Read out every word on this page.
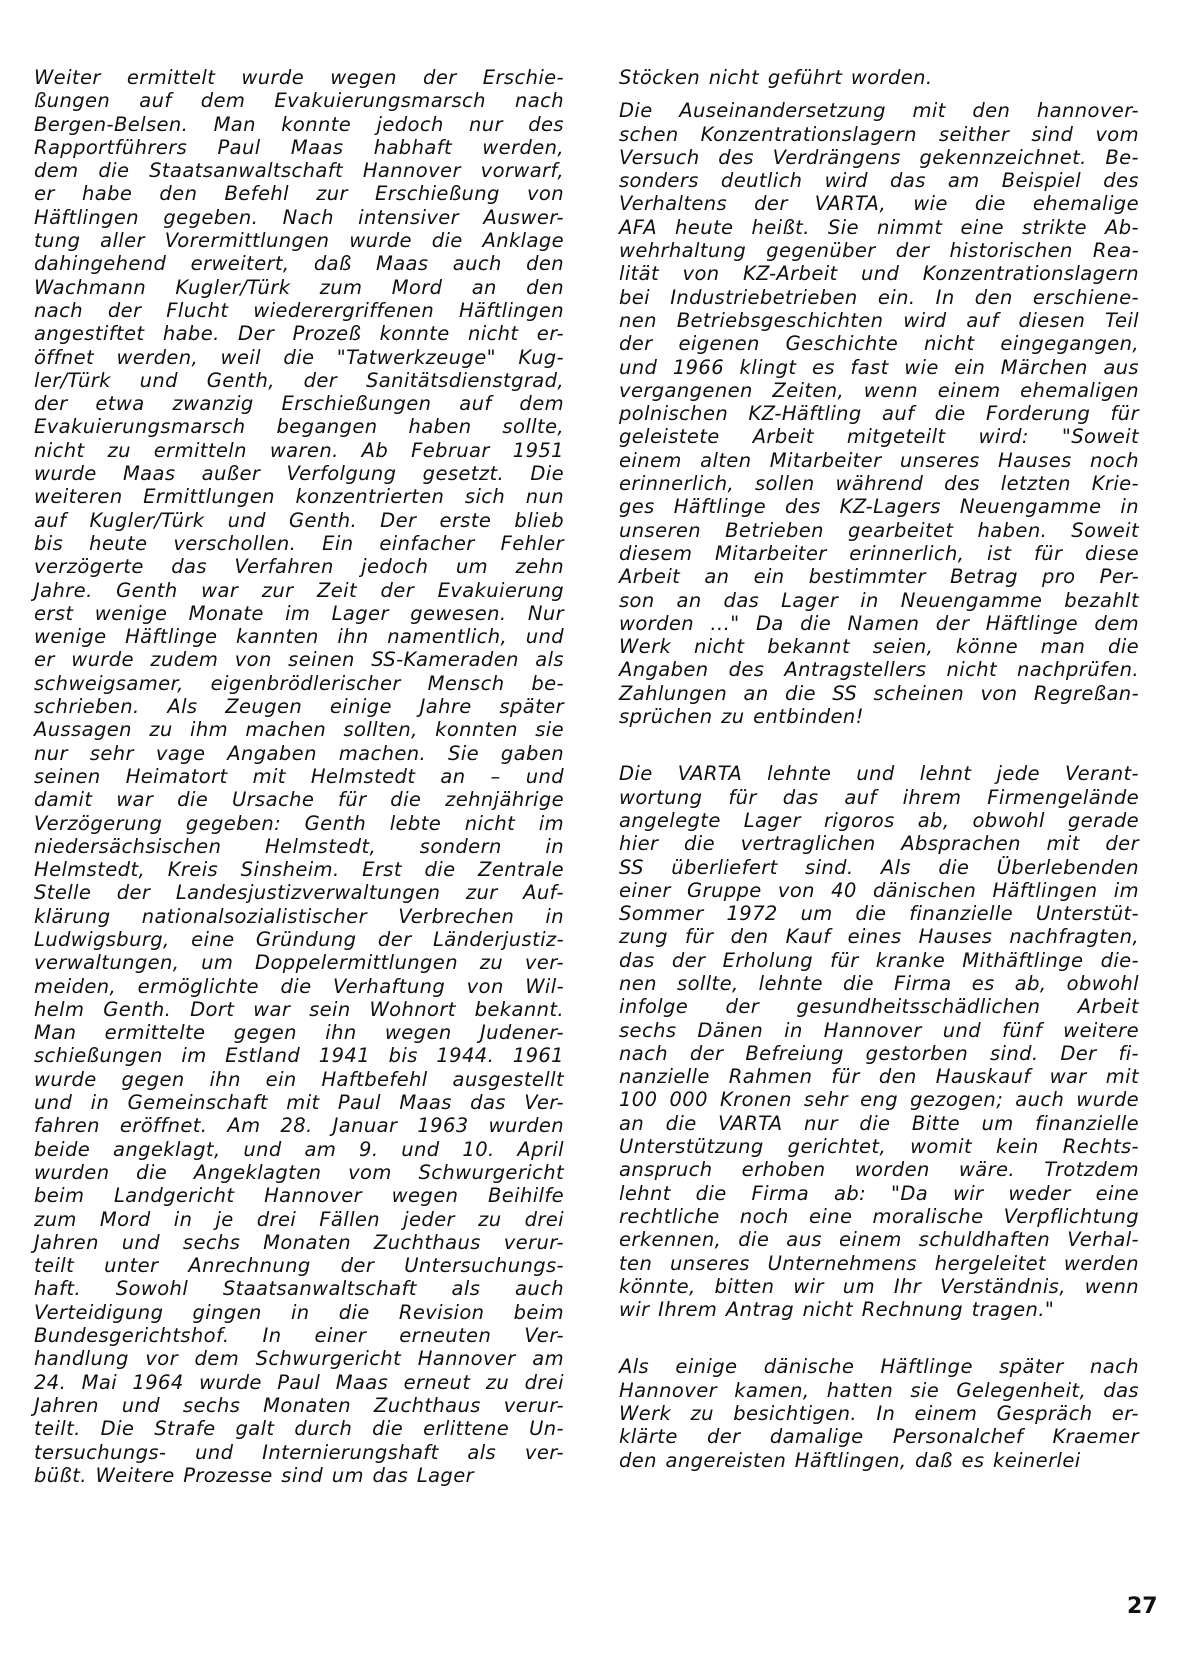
Weiter ermittelt wurde wegen der Erschie-
ßungen auf dem Evakuierungsmarsch nach
Bergen-Belsen. Man konnte jedoch nur des
Rapportführers Paul Maas habhaft werden,
dem die Staatsanwaltschaft Hannover vorwarf,
er habe den Befehl zur Erschießung von
Häftlingen gegeben. Nach intensiver Auswer-
tung aller Vorermittlungen wurde die Anklage
dahingehend erweitert, daß Maas auch den
Wachmann Kugler/Türk zum Mord an den
nach der Flucht wiederergriffenen Häftlingen
angestiftet habe. Der Prozeß konnte nicht er-
öffnet werden, weil die "Tatwerkzeuge" Kug-
ler/Türk und Genth, der Sanitätsdienstgrad,
der etwa zwanzig Erschießungen auf dem
Evakuierungsmarsch begangen haben sollte,
nicht zu ermitteln waren. Ab Februar 1951
wurde Maas außer Verfolgung gesetzt. Die
weiteren Ermittlungen konzentrierten sich nun
auf Kugler/Türk und Genth. Der erste blieb
bis heute verschollen. Ein einfacher Fehler
verzögerte das Verfahren jedoch um zehn
Jahre. Genth war zur Zeit der Evakuierung
erst wenige Monate im Lager gewesen. Nur
wenige Häftlinge kannten ihn namentlich, und
er wurde zudem von seinen SS-Kameraden als
schweigsamer, eigenbrödlerischer Mensch be-
schrieben. Als Zeugen einige Jahre später
Aussagen zu ihm machen sollten, konnten sie
nur sehr vage Angaben machen. Sie gaben
seinen Heimatort mit Helmstedt an – und
damit war die Ursache für die zehnjährige
Verzögerung gegeben: Genth lebte nicht im
niedersächsischen Helmstedt, sondern in
Helmstedt, Kreis Sinsheim. Erst die Zentrale
Stelle der Landesjustizverwaltungen zur Auf-
klärung nationalsozialistischer Verbrechen in
Ludwigsburg, eine Gründung der Länderjustiz-
verwaltungen, um Doppelermittlungen zu ver-
meiden, ermöglichte die Verhaftung von Wil-
helm Genth. Dort war sein Wohnort bekannt.
Man ermittelte gegen ihn wegen Judener-
schießungen im Estland 1941 bis 1944. 1961
wurde gegen ihn ein Haftbefehl ausgestellt
und in Gemeinschaft mit Paul Maas das Ver-
fahren eröffnet. Am 28. Januar 1963 wurden
beide angeklagt, und am 9. und 10. April
wurden die Angeklagten vom Schwurgericht
beim Landgericht Hannover wegen Beihilfe
zum Mord in je drei Fällen jeder zu drei
Jahren und sechs Monaten Zuchthaus verur-
teilt unter Anrechnung der Untersuchungs-
haft. Sowohl Staatsanwaltschaft als auch
Verteidigung gingen in die Revision beim
Bundesgerichtshof. In einer erneuten Ver-
handlung vor dem Schwurgericht Hannover am
24. Mai 1964 wurde Paul Maas erneut zu drei
Jahren und sechs Monaten Zuchthaus verur-
teilt. Die Strafe galt durch die erlittene Un-
tersuchungs- und Internierungshaft als ver-
büßt. Weitere Prozesse sind um das Lager
Stöcken nicht geführt worden.
Die Auseinandersetzung mit den hannover-
schen Konzentrationslagern seither sind vom
Versuch des Verdrängens gekennzeichnet. Be-
sonders deutlich wird das am Beispiel des
Verhaltens der VARTA, wie die ehemalige
AFA heute heißt. Sie nimmt eine strikte Ab-
wehrhaltung gegenüber der historischen Rea-
lität von KZ-Arbeit und Konzentrationslagern
bei Industriebetrieben ein. In den erschiene-
nen Betriebsgeschichten wird auf diesen Teil
der eigenen Geschichte nicht eingegangen,
und 1966 klingt es fast wie ein Märchen aus
vergangenen Zeiten, wenn einem ehemaligen
polnischen KZ-Häftling auf die Forderung für
geleistete Arbeit mitgeteilt wird: "Soweit
einem alten Mitarbeiter unseres Hauses noch
erinnerlich, sollen während des letzten Krie-
ges Häftlinge des KZ-Lagers Neuengamme in
unseren Betrieben gearbeitet haben. Soweit
diesem Mitarbeiter erinnerlich, ist für diese
Arbeit an ein bestimmter Betrag pro Per-
son an das Lager in Neuengamme bezahlt
worden ..." Da die Namen der Häftlinge dem
Werk nicht bekannt seien, könne man die
Angaben des Antragstellers nicht nachprüfen.
Zahlungen an die SS scheinen von Regreßan-
sprüchen zu entbinden!
Die VARTA lehnte und lehnt jede Verant-
wortung für das auf ihrem Firmengelände
angelegte Lager rigoros ab, obwohl gerade
hier die vertraglichen Absprachen mit der
SS überliefert sind. Als die Überlebenden
einer Gruppe von 40 dänischen Häftlingen im
Sommer 1972 um die finanzielle Unterstüt-
zung für den Kauf eines Hauses nachfragten,
das der Erholung für kranke Mithäftlinge die-
nen sollte, lehnte die Firma es ab, obwohl
infolge der gesundheitsschädlichen Arbeit
sechs Dänen in Hannover und fünf weitere
nach der Befreiung gestorben sind. Der fi-
nanzielle Rahmen für den Hauskauf war mit
100 000 Kronen sehr eng gezogen; auch wurde
an die VARTA nur die Bitte um finanzielle
Unterstützung gerichtet, womit kein Rechts-
anspruch erhoben worden wäre. Trotzdem
lehnt die Firma ab: "Da wir weder eine
rechtliche noch eine moralische Verpflichtung
erkennen, die aus einem schuldhaften Verhal-
ten unseres Unternehmens hergeleitet werden
könnte, bitten wir um Ihr Verständnis, wenn
wir Ihrem Antrag nicht Rechnung tragen."
Als einige dänische Häftlinge später nach
Hannover kamen, hatten sie Gelegenheit, das
Werk zu besichtigen. In einem Gespräch er-
klärte der damalige Personalchef Kraemer
den angereisten Häftlingen, daß es keinerlei
27
